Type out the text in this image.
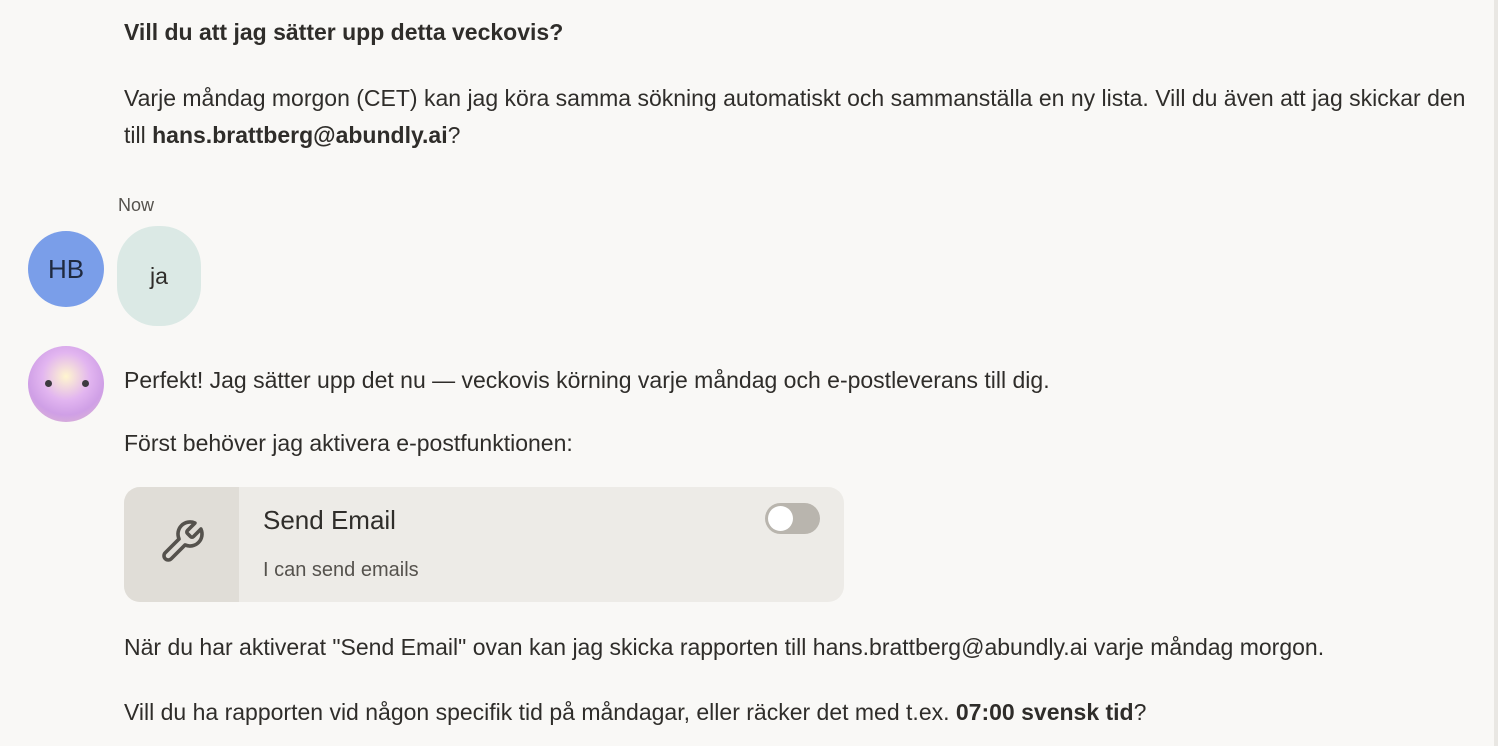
Vill du att jag sätter upp detta veckovis?
Varje måndag morgon (CET) kan jag köra samma sökning automatiskt och sammanställa en ny lista. Vill du även att jag skickar den till hans.brattberg@abundly.ai?
Now
HB	ja
Perfekt! Jag sätter upp det nu — veckovis körning varje måndag och e-postleverans till dig.
Först behöver jag aktivera e-postfunktionen:
Send Email
I can send emails
När du har aktiverat "Send Email" ovan kan jag skicka rapporten till hans.brattberg@abundly.ai varje måndag morgon.
Vill du ha rapporten vid någon specifik tid på måndagar, eller räcker det med t.ex. 07:00 svensk tid?
